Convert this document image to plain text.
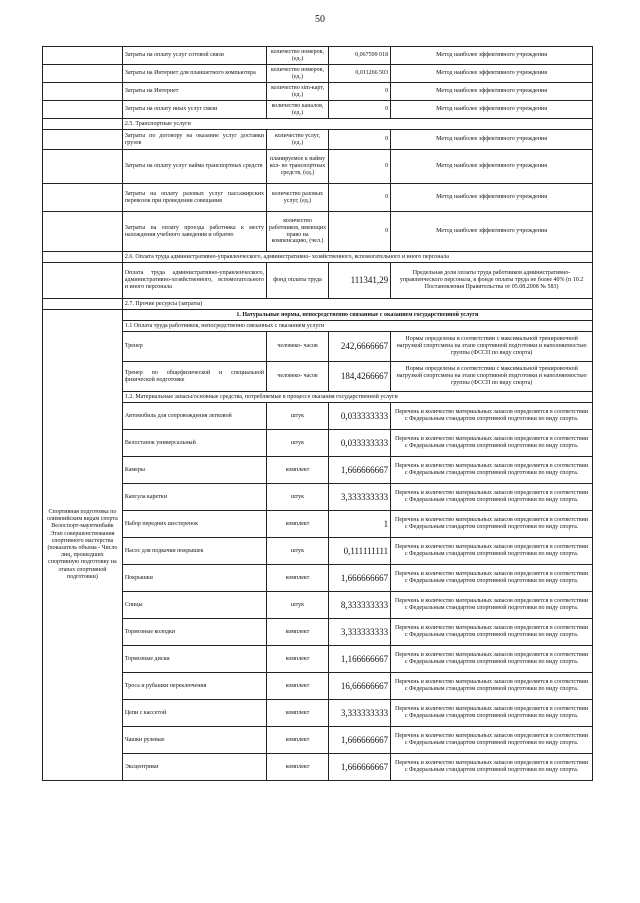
50
	Затраты на оплату услуг сотовой связи	количество номеров, (ед.)	0,067599 018	Метод наиболее эффективного учреждения
	Затраты на Интернет для планшетного компьютера	количество номеров, (ед.)	0,011266 503	Метод наиболее эффективного учреждения
	Затраты на Интернет	количество sim-карт, (ед.)	0	Метод наиболее эффективного учреждения
	Затраты на оплату иных услуг связи	количество каналов, (ед.)	0	Метод наиболее эффективного учреждения
	2.5. Транспортные услуги			
	Затраты по договору на оказание услуг доставки грузов	количество услуг, (ед.)	0	Метод наиболее эффективного учреждения
	Затраты на оплату услуг найма транспортных средств	планируемое к найму кол- во транспортных средств, (ед.)	0	Метод наиболее эффективного учреждения
	Затраты на оплату разовых услуг пассажирских перевозок при проведении совещания	количество разовых услуг, (ед.)	0	Метод наиболее эффективного учреждения
	Затраты на оплату проезда работника к месту нахождения учебного заведения и обратно	количество работников, имеющих право на компенсацию, (чел.)	0	Метод наиболее эффективного учреждения
	2.6. Оплата труда административно-управленческого, административно- хозяйственного, вспомогательного и иного персонала			
	Оплата труда административно-управленческого, административно-хозяйственного, вспомогательного и иного персонала	фонд оплаты труда	111341,29	Предельная доля оплаты труда работников административно- управленческого персонала, в фонде оплаты труда не более 40% (п 10.2 Постановления Правительства от 05.08.2008 № 583)
	2.7. Прочие ресурсы (затраты)			
Спортивная подготовка по олимпийским видам спорта Велоспорт-маунтинбайк Этап совершенствования спортивного мастерства (показатель объема - Число лиц, прошедших спортивную подготовку на этапах спортивной подготовки)	1. Натуральные нормы, непосредственно связанные с оказанием государственной услуги			
	1.1 Оплата труда работников, непосредственно связанных с оказанием услуги			
	Тренер	человеко- часов	242,6666667	Нормы определены в соответствии с максимальной тренировочной нагрузкой спортсмена на этапе спортивной подготовки и наполняемостью группы (ФССП по виду спорта)
	Тренер по общефизической и специальной физической подготовке	человеко- часов	184,4266667	Нормы определены в соответствии с максимальной тренировочной нагрузкой спортсмена на этапе спортивной подготовки и наполняемостью группы (ФССП по виду спорта)
	1.2. Материальные запасы/основные средства, потребляемые в процессе оказания государственной услуги			
	Автомобиль для сопровождения легковой	штук	0,033333333	Перечень и количество материальных запасов определяется в соответствии с Федеральным стандартом спортивной подготовки по виду спорта.
	Велостанок универсальный	штук	0,033333333	Перечень и количество материальных запасов определяется в соответствии с Федеральным стандартом спортивной подготовки по виду спорта.
	Камеры	комплект	1,666666667	Перечень и количество материальных запасов определяется в соответствии с Федеральным стандартом спортивной подготовки по виду спорта.
	Капсула каретки	штук	3,333333333	Перечень и количество материальных запасов определяется в соответствии с Федеральным стандартом спортивной подготовки по виду спорта.
	Набор передних шестеренок	комплект	1	Перечень и количество материальных запасов определяется в соответствии с Федеральным стандартом спортивной подготовки по виду спорта.
	Насос для подкачки покрышек	штук	0,111111111	Перечень и количество материальных запасов определяется в соответствии с Федеральным стандартом спортивной подготовки по виду спорта.
	Покрышки	комплект	1,666666667	Перечень и количество материальных запасов определяется в соответствии с Федеральным стандартом спортивной подготовки по виду спорта.
	Спицы	штук	8,333333333	Перечень и количество материальных запасов определяется в соответствии с Федеральным стандартом спортивной подготовки по виду спорта.
	Тормозные колодки	комплект	3,333333333	Перечень и количество материальных запасов определяется в соответствии с Федеральным стандартом спортивной подготовки по виду спорта.
	Тормозные диски	комплект	1,166666667	Перечень и количество материальных запасов определяется в соответствии с Федеральным стандартом спортивной подготовки по виду спорта.
	Троса и рубашки переключения	комплект	16,66666667	Перечень и количество материальных запасов определяется в соответствии с Федеральным стандартом спортивной подготовки по виду спорта.
	Цепи с кассетой	комплект	3,333333333	Перечень и количество материальных запасов определяется в соответствии с Федеральным стандартом спортивной подготовки по виду спорта.
	Чашки рулевые	комплект	1,666666667	Перечень и количество материальных запасов определяется в соответствии с Федеральным стандартом спортивной подготовки по виду спорта.
	Эксцентрики	комплект	1,666666667	Перечень и количество материальных запасов определяется в соответствии с Федеральным стандартом спортивной подготовки по виду спорта.
